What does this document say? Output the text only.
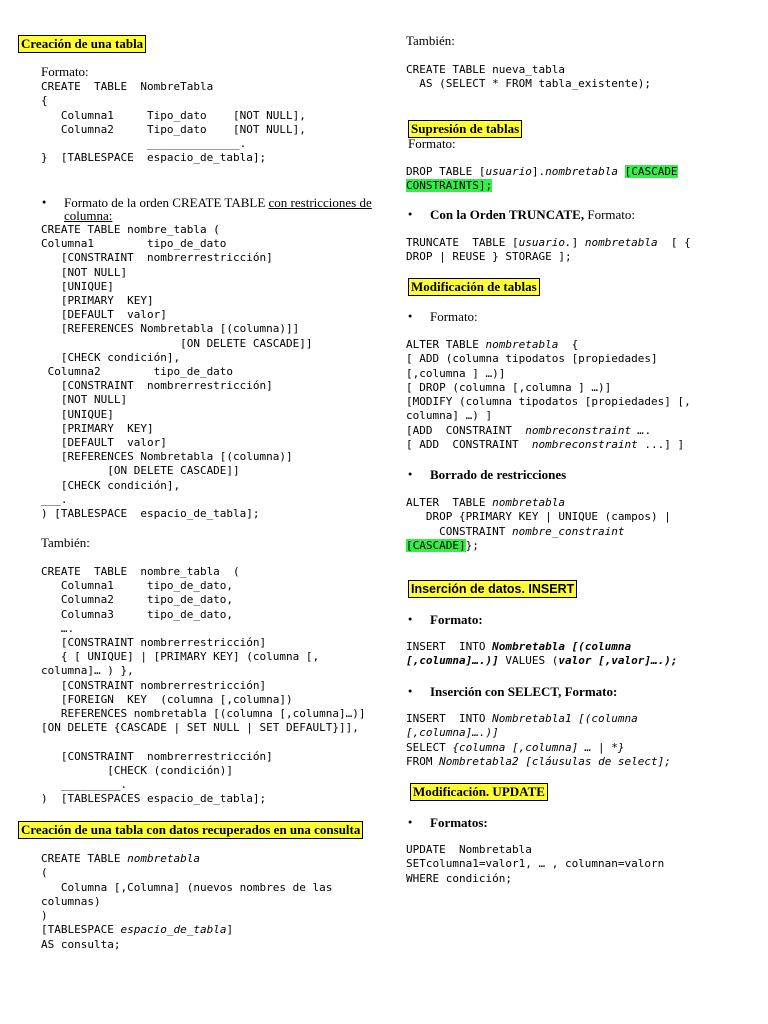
Creación de una tabla
Formato:
CREATE  TABLE  NombreTabla
{
Columna1     Tipo_dato    [NOT NULL],
Columna2     Tipo_dato    [NOT NULL],
______________.
}  [TABLESPACE  espacio_de_tabla];
● Formato de la orden CREATE TABLE con restricciones de
columna:
CREATE TABLE nombre_tabla (
Columna1        tipo_de_dato
[CONSTRAINT  nombrerrestricción]
[NOT NULL]
[UNIQUE]
[PRIMARY  KEY]
[DEFAULT  valor]
[REFERENCES Nombretabla [(columna)]]
[ON DELETE CASCADE]]
[CHECK condición],
Columna2        tipo_de_dato
[CONSTRAINT  nombrerrestricción]
[NOT NULL]
[UNIQUE]
[PRIMARY  KEY]
[DEFAULT  valor]
[REFERENCES Nombretabla [(columna)]
[ON DELETE CASCADE]]
[CHECK condición],
___.
) [TABLESPACE  espacio_de_tabla];
También:
CREATE  TABLE  nombre_tabla  (
Columna1     tipo_de_dato,
Columna2     tipo_de_dato,
Columna3     tipo_de_dato,
….
[CONSTRAINT nombrerrestricción]
{ [ UNIQUE] | [PRIMARY KEY] (columna [,
columna]… ) },
[CONSTRAINT nombrerrestricción]
[FOREIGN  KEY  (columna [,columna])
REFERENCES nombretabla [(columna [,columna]…)]
[ON DELETE {CASCADE | SET NULL | SET DEFAULT}]],

[CONSTRAINT  nombrerrestricción]
[CHECK (condición)]
_________.
)  [TABLESPACES espacio_de_tabla];
Creación de una tabla con datos recuperados en una consulta
CREATE TABLE nombretabla
(
Columna [,Columna] (nuevos nombres de las
columnas)
)
[TABLESPACE espacio_de_tabla]
AS consulta;
También:
CREATE TABLE nueva_tabla
AS (SELECT * FROM tabla_existente);
Supresión de tablas
Formato:
DROP TABLE [usuario].nombretabla [CASCADE
CONSTRAINTS];
● Con la Orden TRUNCATE, Formato:
TRUNCATE  TABLE [usuario.] nombretabla  [ {
DROP | REUSE } STORAGE ];
Modificación de tablas
● Formato:
ALTER TABLE nombretabla  {
[ ADD (columna tipodatos [propiedades]
[,columna ] …)]
[ DROP (columna [,columna ] …)]
[MODIFY (columna tipodatos [propiedades] [,
columna] …) ]
[ADD  CONSTRAINT  nombreconstraint ….
[ ADD  CONSTRAINT  nombreconstraint ...] ]
● Borrado de restricciones
ALTER  TABLE nombretabla
DROP {PRIMARY KEY | UNIQUE (campos) |
CONSTRAINT nombre_constraint
[CASCADE]};
Inserción de datos. INSERT
● Formato:
INSERT  INTO Nombretabla [(columna
[,columna]….)] VALUES (valor [,valor]….);
● Inserción con SELECT, Formato:
INSERT  INTO Nombretabla1 [(columna
[,columna]….)]
SELECT {columna [,columna] … | *}
FROM Nombretabla2 [cláusulas de select];
Modificación. UPDATE
● Formatos:
UPDATE  Nombretabla
SETcolumna1=valor1, … , columnan=valorn
WHERE condición;
